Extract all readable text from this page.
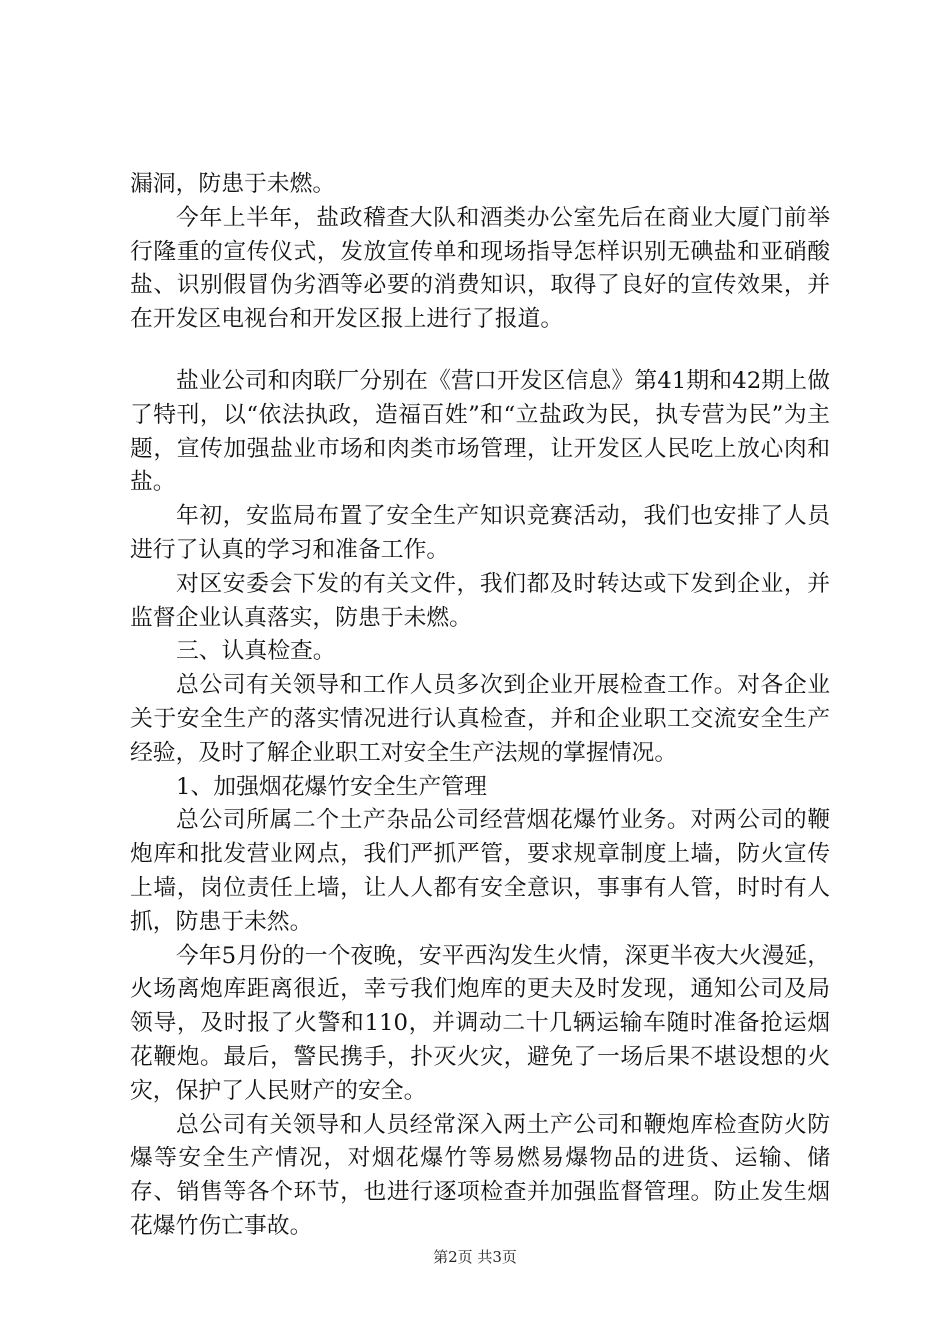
漏洞，防患于未燃。

今年上半年，盐政稽查大队和酒类办公室先后在商业大厦门前举行隆重的宣传仪式，发放宣传单和现场指导怎样识别无碘盐和亚硝酸盐、识别假冒伪劣酒等必要的消费知识，取得了良好的宣传效果，并在开发区电视台和开发区报上进行了报道。

盐业公司和肉联厂分别在《营口开发区信息》第41期和42期上做了特刊，以“依法执政，造福百姓”和“立盐政为民，执专营为民”为主题，宣传加强盐业市场和肉类市场管理，让开发区人民吃上放心肉和盐。

年初，安监局布置了安全生产知识竞赛活动，我们也安排了人员进行了认真的学习和准备工作。

对区安委会下发的有关文件，我们都及时转达或下发到企业，并监督企业认真落实，防患于未燃。

三、认真检查。

总公司有关领导和工作人员多次到企业开展检查工作。对各企业关于安全生产的落实情况进行认真检查，并和企业职工交流安全生产经验，及时了解企业职工对安全生产法规的掌握情况。

1、加强烟花爆竹安全生产管理

总公司所属二个土产杂品公司经营烟花爆竹业务。对两公司的鞭炮库和批发营业网点，我们严抓严管，要求规章制度上墙，防火宣传上墙，岗位责任上墙，让人人都有安全意识，事事有人管，时时有人抓，防患于未然。

今年5月份的一个夜晚，安平西沟发生火情，深更半夜大火漫延，火场离炮库距离很近，幸亏我们炮库的更夫及时发现，通知公司及局领导，及时报了火警和110，并调动二十几辆运输车随时准备抢运烟花鞭炮。最后，警民携手，扑灭火灾，避免了一场后果不堪设想的火灾，保护了人民财产的安全。

总公司有关领导和人员经常深入两土产公司和鞭炮库检查防火防爆等安全生产情况，对烟花爆竹等易燃易爆物品的进货、运输、储存、销售等各个环节，也进行逐项检查并加强监督管理。防止发生烟花爆竹伤亡事故。

第2页 共3页
